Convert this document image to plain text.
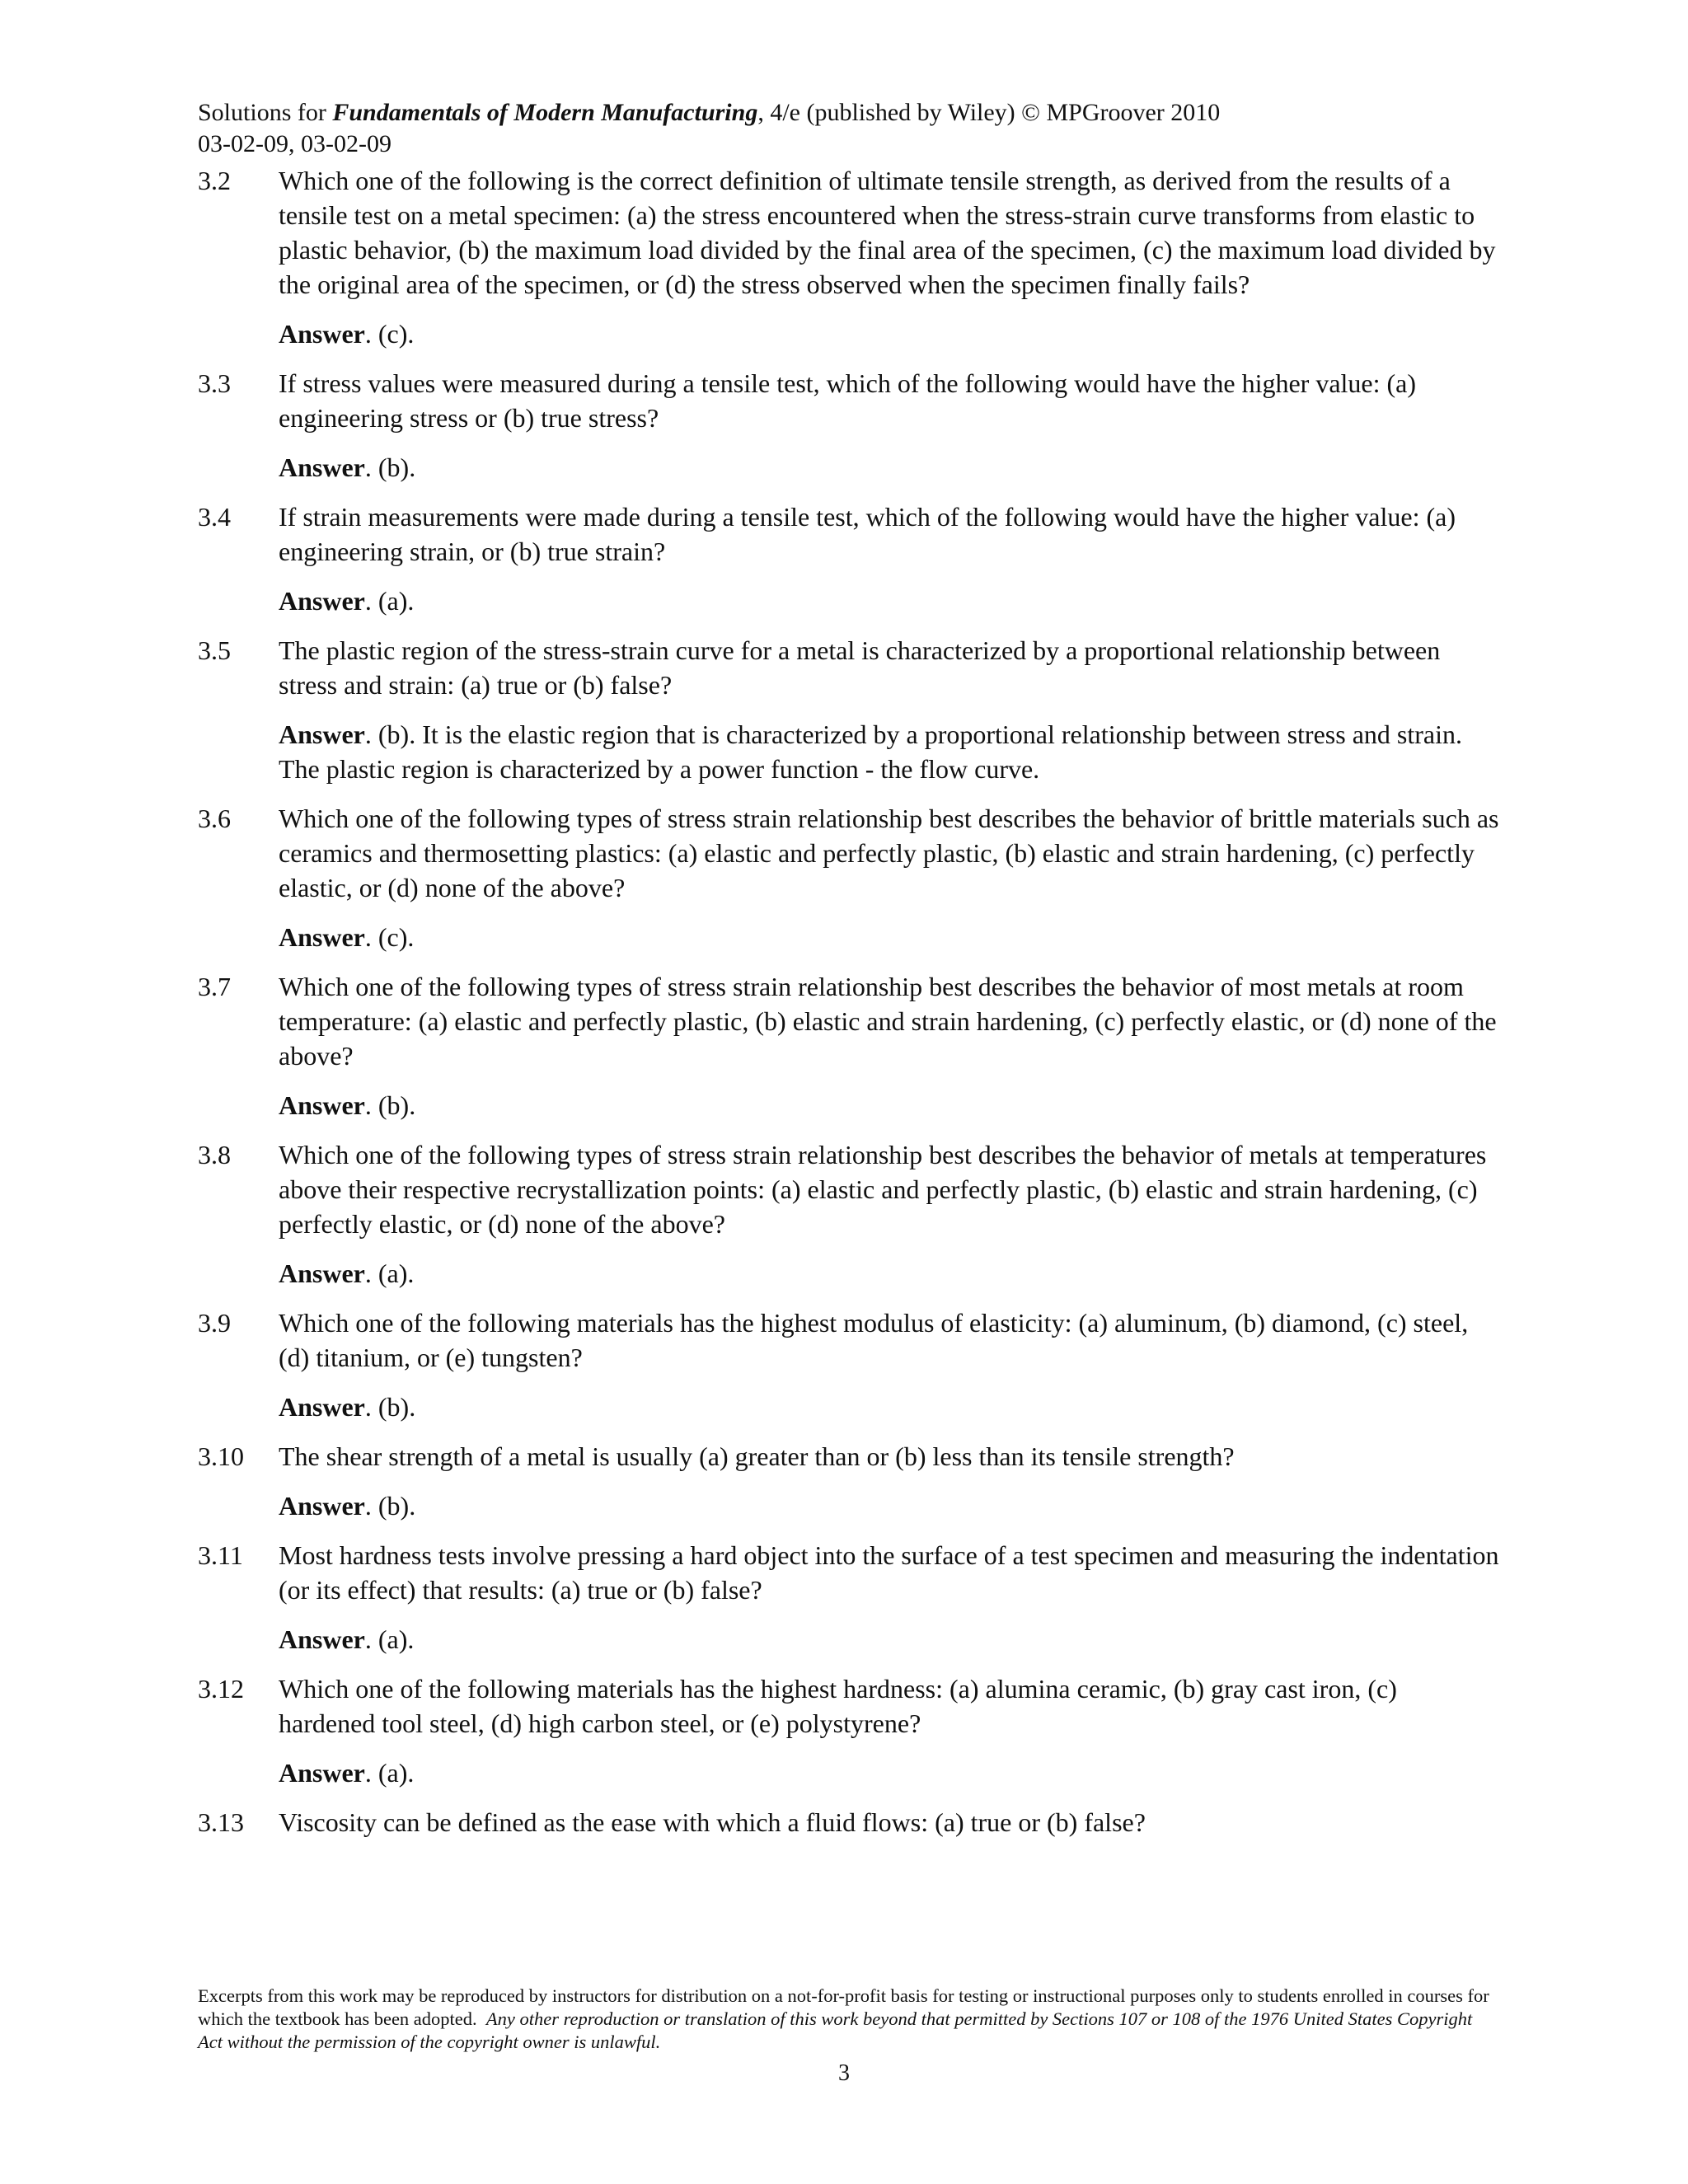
Solutions for Fundamentals of Modern Manufacturing, 4/e (published by Wiley) © MPGroover 2010
03-02-09, 03-02-09
3.2 Which one of the following is the correct definition of ultimate tensile strength, as derived from the results of a tensile test on a metal specimen: (a) the stress encountered when the stress-strain curve transforms from elastic to plastic behavior, (b) the maximum load divided by the final area of the specimen, (c) the maximum load divided by the original area of the specimen, or (d) the stress observed when the specimen finally fails?
Answer. (c).
3.3 If stress values were measured during a tensile test, which of the following would have the higher value: (a) engineering stress or (b) true stress?
Answer. (b).
3.4 If strain measurements were made during a tensile test, which of the following would have the higher value: (a) engineering strain, or (b) true strain?
Answer. (a).
3.5 The plastic region of the stress-strain curve for a metal is characterized by a proportional relationship between stress and strain: (a) true or (b) false?
Answer. (b). It is the elastic region that is characterized by a proportional relationship between stress and strain. The plastic region is characterized by a power function - the flow curve.
3.6 Which one of the following types of stress strain relationship best describes the behavior of brittle materials such as ceramics and thermosetting plastics: (a) elastic and perfectly plastic, (b) elastic and strain hardening, (c) perfectly elastic, or (d) none of the above?
Answer. (c).
3.7 Which one of the following types of stress strain relationship best describes the behavior of most metals at room temperature: (a) elastic and perfectly plastic, (b) elastic and strain hardening, (c) perfectly elastic, or (d) none of the above?
Answer. (b).
3.8 Which one of the following types of stress strain relationship best describes the behavior of metals at temperatures above their respective recrystallization points: (a) elastic and perfectly plastic, (b) elastic and strain hardening, (c) perfectly elastic, or (d) none of the above?
Answer. (a).
3.9 Which one of the following materials has the highest modulus of elasticity: (a) aluminum, (b) diamond, (c) steel, (d) titanium, or (e) tungsten?
Answer. (b).
3.10 The shear strength of a metal is usually (a) greater than or (b) less than its tensile strength?
Answer. (b).
3.11 Most hardness tests involve pressing a hard object into the surface of a test specimen and measuring the indentation (or its effect) that results: (a) true or (b) false?
Answer. (a).
3.12 Which one of the following materials has the highest hardness: (a) alumina ceramic, (b) gray cast iron, (c) hardened tool steel, (d) high carbon steel, or (e) polystyrene?
Answer. (a).
3.13 Viscosity can be defined as the ease with which a fluid flows: (a) true or (b) false?
Excerpts from this work may be reproduced by instructors for distribution on a not-for-profit basis for testing or instructional purposes only to students enrolled in courses for which the textbook has been adopted. Any other reproduction or translation of this work beyond that permitted by Sections 107 or 108 of the 1976 United States Copyright Act without the permission of the copyright owner is unlawful.
3
